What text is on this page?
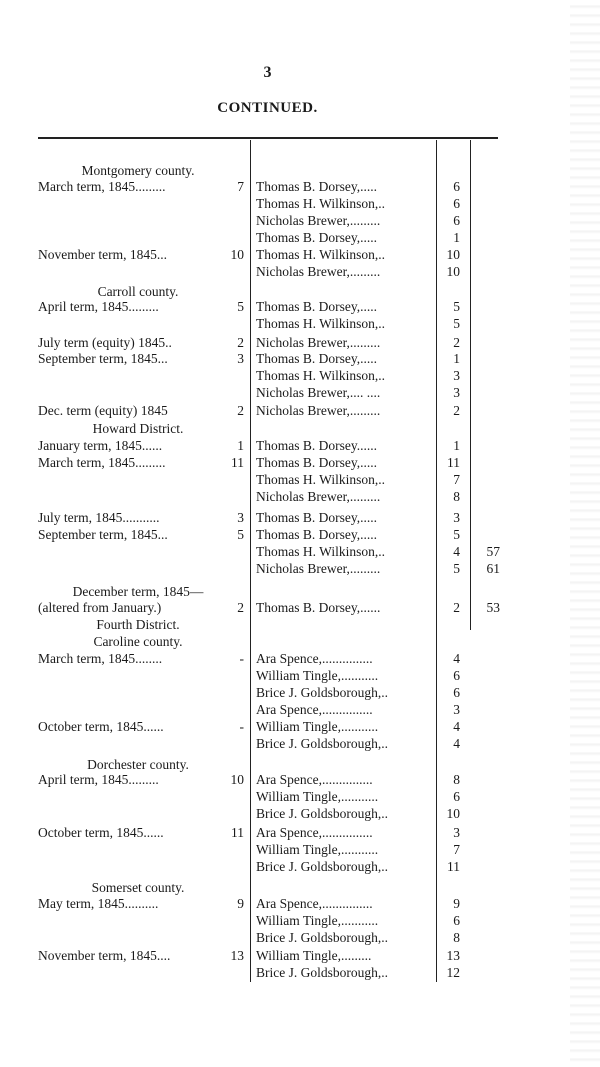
3
CONTINUED.
Montgomery county.
March term, 1845.........	7 Thomas B. Dorsey,.....	6
Thomas H. Wilkinson,..	6
Nicholas Brewer,.........	6
Thomas B. Dorsey,.....	1
November term, 1845...	10 Thomas H. Wilkinson,..	10
Nicholas Brewer,.........	10
Carroll county.
April term, 1845.........	5 Thomas B. Dorsey,.....	5
Thomas H. Wilkinson,..	5
July term (equity) 1845..	2 Nicholas Brewer,.........	2
September term, 1845...	3 Thomas B. Dorsey,.....	1
Thomas H. Wilkinson,..	3
Nicholas Brewer,.... ....	3
Dec. term (equity) 1845	2 Nicholas Brewer,.........	2
Howard District.
January term, 1845......	1 Thomas B. Dorsey......	1
March term, 1845.........	11 Thomas B. Dorsey,.....	11
Thomas H. Wilkinson,..	7
Nicholas Brewer,.........	8
July term, 1845...........	3 Thomas B. Dorsey,.....	3
September term, 1845...	5 Thomas B. Dorsey,.....	5
Thomas H. Wilkinson,..	4	57
Nicholas Brewer,.........	5	61
December term, 1845—
(altered from January.)	2 Thomas B. Dorsey,......	2	53
Fourth District.
Caroline county.
March term, 1845........	- Ara Spence,...............	4
William Tingle,...........	6
Brice J. Goldsborough,..	6
Ara Spence,...............	3
October term, 1845......	- William Tingle,...........	4
Brice J. Goldsborough,..	4
Dorchester county.
April term, 1845.........	10 Ara Spence,...............	8
William Tingle,...........	6
Brice J. Goldsborough,..	10
October term, 1845......	11 Ara Spence,...............	3
William Tingle,...........	7
Brice J. Goldsborough,..	11
Somerset county.
May term, 1845..........	9 Ara Spence,...............	9
William Tingle,...........	6
Brice J. Goldsborough,..	8
November term, 1845....	13 William Tingle,.........	13
Brice J. Goldsborough,..	12
